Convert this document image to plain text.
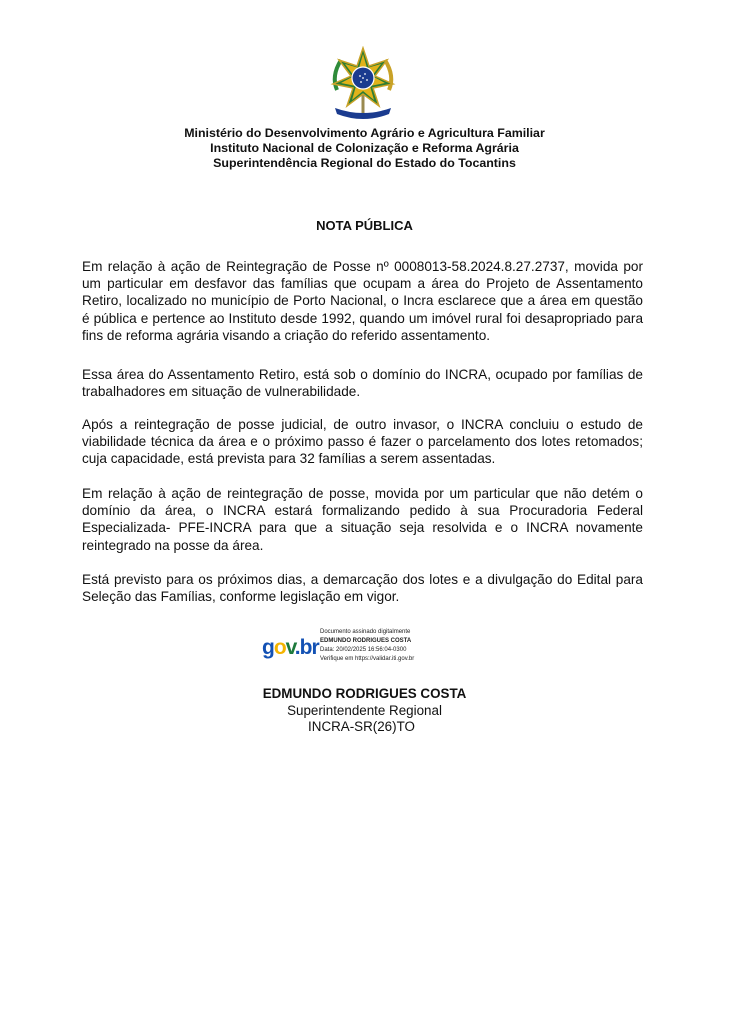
Ministério do Desenvolvimento Agrário e Agricultura Familiar
Instituto Nacional de Colonização e Reforma Agrária
Superintendência Regional do Estado do Tocantins
NOTA PÚBLICA

Em relação à ação de Reintegração de Posse nº 0008013-58.2024.8.27.2737, movida por um particular em desfavor das famílias que ocupam a área do Projeto de Assentamento Retiro, localizado no município de Porto Nacional, o Incra esclarece que a área em questão é pública e pertence ao Instituto desde 1992, quando um imóvel rural foi desapropriado para fins de reforma agrária visando a criação do referido assentamento.

Essa área do Assentamento Retiro, está sob o domínio do INCRA, ocupado por famílias de trabalhadores em situação de vulnerabilidade.

Após a reintegração de posse judicial, de outro invasor, o INCRA concluiu o estudo de viabilidade técnica da área e o próximo passo é fazer o parcelamento dos lotes retomados; cuja capacidade, está prevista para 32 famílias a serem assentadas.

Em relação à ação de reintegração de posse, movida por um particular que não detém o domínio da área, o INCRA estará formalizando pedido à sua Procuradoria Federal Especializada- PFE-INCRA para que a situação seja resolvida e o INCRA novamente reintegrado na posse da área.

Está previsto para os próximos dias, a demarcação dos lotes e a divulgação do Edital para Seleção das Famílias, conforme legislação em vigor.

gov.br
Documento assinado digitalmente
EDMUNDO RODRIGUES COSTA
Data: 20/02/2025 16:56:04-0300
Verifique em https://validar.iti.gov.br
EDMUNDO RODRIGUES COSTA
Superintendente Regional
INCRA-SR(26)TO
